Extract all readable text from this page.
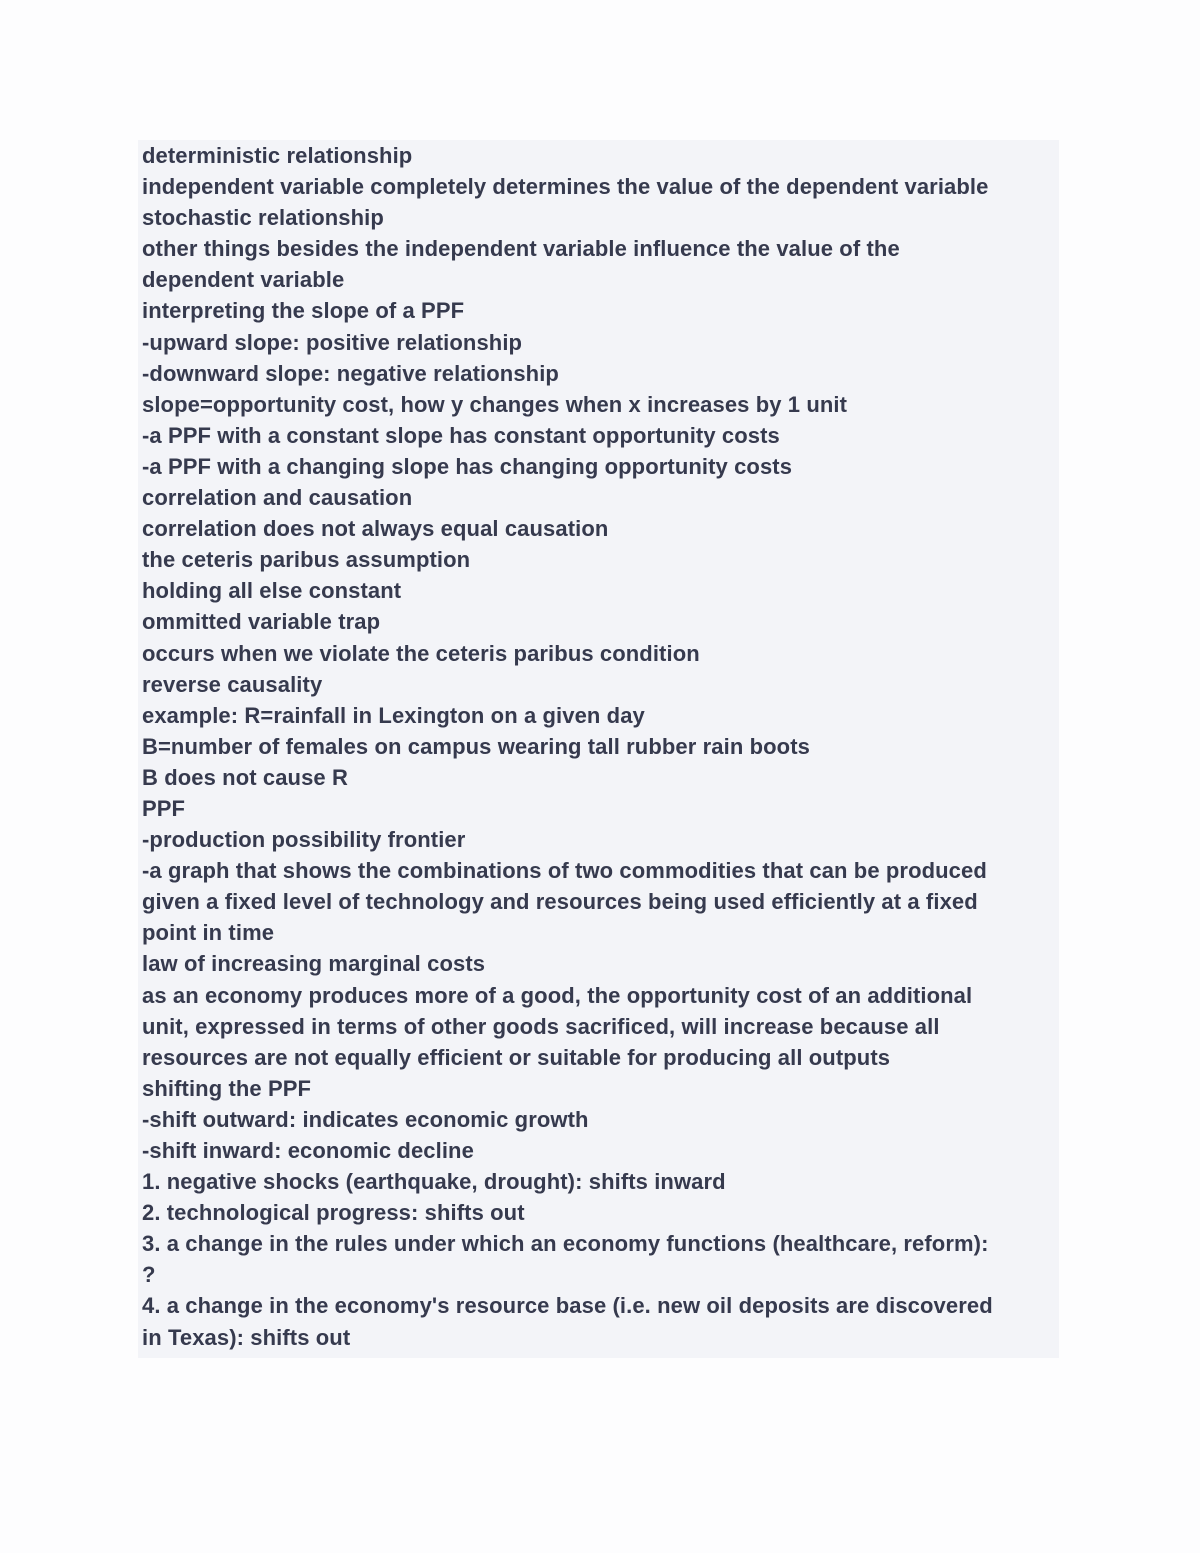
deterministic relationship
independent variable completely determines the value of the dependent variable
stochastic relationship
other things besides the independent variable influence the value of the
dependent variable
interpreting the slope of a PPF
-upward slope: positive relationship
-downward slope: negative relationship
slope=opportunity cost, how y changes when x increases by 1 unit
-a PPF with a constant slope has constant opportunity costs
-a PPF with a changing slope has changing opportunity costs
correlation and causation
correlation does not always equal causation
the ceteris paribus assumption
holding all else constant
ommitted variable trap
occurs when we violate the ceteris paribus condition
reverse causality
example: R=rainfall in Lexington on a given day
B=number of females on campus wearing tall rubber rain boots
B does not cause R
PPF
-production possibility frontier
-a graph that shows the combinations of two commodities that can be produced
given a fixed level of technology and resources being used efficiently at a fixed
point in time
law of increasing marginal costs
as an economy produces more of a good, the opportunity cost of an additional
unit, expressed in terms of other goods sacrificed, will increase because all
resources are not equally efficient or suitable for producing all outputs
shifting the PPF
-shift outward: indicates economic growth
-shift inward: economic decline
1. negative shocks (earthquake, drought): shifts inward
2. technological progress: shifts out
3. a change in the rules under which an economy functions (healthcare, reform):
?
4. a change in the economy's resource base (i.e. new oil deposits are discovered
in Texas): shifts out
